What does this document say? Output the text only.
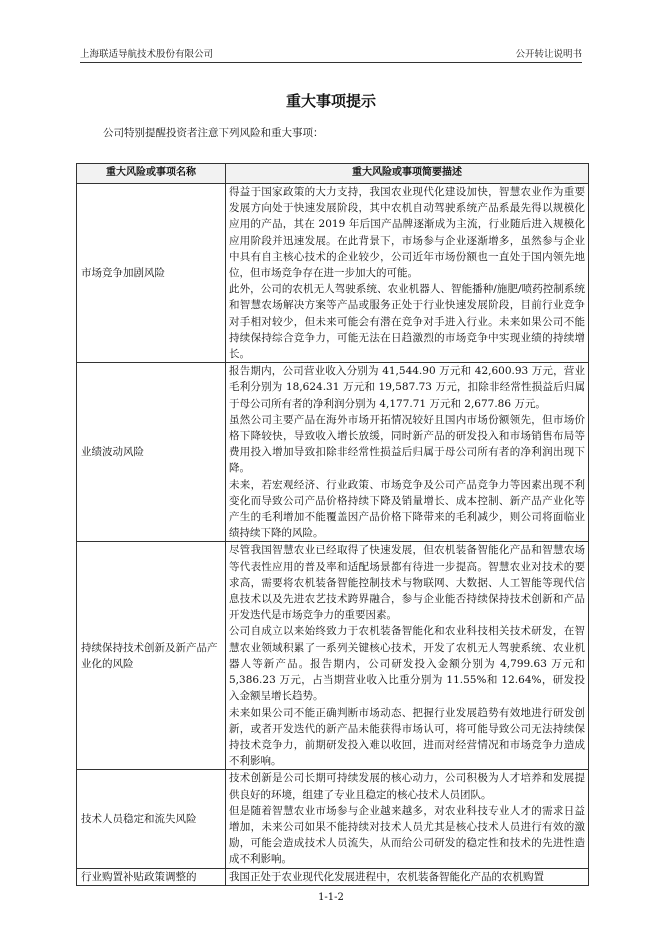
上海联适导航技术股份有限公司	公开转让说明书
重大事项提示
公司特别提醒投资者注意下列风险和重大事项：
重大风险或事项名称	重大风险或事项简要描述
市场竞争加剧风险	得益于国家政策的大力支持，我国农业现代化建设加快，智慧农业作为重要发展方向处于快速发展阶段，其中农机自动驾驶系统产品系最先得以规模化应用的产品，其在 2019 年后国产品牌逐渐成为主流，行业随后进入规模化应用阶段并迅速发展。在此背景下，市场参与企业逐渐增多，虽然参与企业中具有自主核心技术的企业较少，公司近年市场份额也一直处于国内领先地位，但市场竞争存在进一步加大的可能。

此外，公司的农机无人驾驶系统、农业机器人、智能播种/施肥/喷药控制系统和智慧农场解决方案等产品或服务正处于行业快速发展阶段，目前行业竞争对手相对较少，但未来可能会有潜在竞争对手进入行业。未来如果公司不能持续保持综合竞争力，可能无法在日趋激烈的市场竞争中实现业绩的持续增长。

业绩波动风险	报告期内，公司营业收入分别为 41,544.90 万元和 42,600.93 万元，营业毛利分别为 18,624.31 万元和 19,587.73 万元，扣除非经常性损益后归属于母公司所有者的净利润分别为 4,177.71 万元和 2,677.86 万元。

虽然公司主要产品在海外市场开拓情况较好且国内市场份额领先，但市场价格下降较快，导致收入增长放缓，同时新产品的研发投入和市场销售布局等费用投入增加导致扣除非经常性损益后归属于母公司所有者的净利润出现下降。

未来，若宏观经济、行业政策、市场竞争及公司产品竞争力等因素出现不利变化而导致公司产品价格持续下降及销量增长、成本控制、新产品产业化等产生的毛利增加不能覆盖因产品价格下降带来的毛利减少，则公司将面临业绩持续下降的风险。

持续保持技术创新及新产品产业化的风险	尽管我国智慧农业已经取得了快速发展，但农机装备智能化产品和智慧农场等代表性应用的普及率和适配场景都有待进一步提高。智慧农业对技术的要求高，需要将农机装备智能控制技术与物联网、大数据、人工智能等现代信息技术以及先进农艺技术跨界融合，参与企业能否持续保持技术创新和产品开发迭代是市场竞争力的重要因素。

公司自成立以来始终致力于农机装备智能化和农业科技相关技术研发，在智慧农业领域积累了一系列关键核心技术，开发了农机无人驾驶系统、农业机器人等新产品。报告期内，公司研发投入金额分别为 4,799.63 万元和 5,386.23 万元，占当期营业收入比重分别为 11.55%和 12.64%，研发投入金额呈增长趋势。

未来如果公司不能正确判断市场动态、把握行业发展趋势有效地进行研发创新，或者开发迭代的新产品未能获得市场认可，将可能导致公司无法持续保持技术竞争力，前期研发投入难以收回，进而对经营情况和市场竞争力造成不利影响。

技术人员稳定和流失风险	技术创新是公司长期可持续发展的核心动力，公司积极为人才培养和发展提供良好的环境，组建了专业且稳定的核心技术人员团队。

但是随着智慧农业市场参与企业越来越多，对农业科技专业人才的需求日益增加，未来公司如果不能持续对技术人员尤其是核心技术人员进行有效的激励，可能会造成技术人员流失，从而给公司研发的稳定性和技术的先进性造成不利影响。

行业购置补贴政策调整的	我国正处于农业现代化发展进程中，农机装备智能化产品的农机购置

1-1-2
